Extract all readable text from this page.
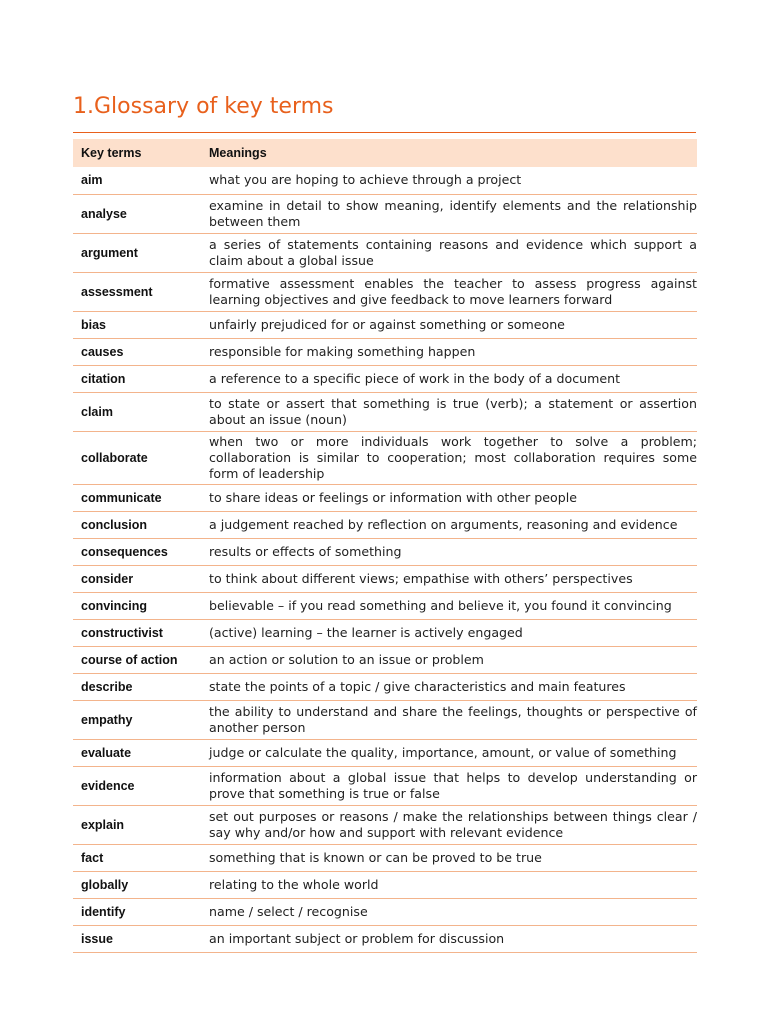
1.Glossary of key terms
Key terms	Meanings
aim	what you are hoping to achieve through a project
analyse	examine in detail to show meaning, identify elements and the relationship between them
argument	a series of statements containing reasons and evidence which support a claim about a global issue
assessment	formative assessment enables the teacher to assess progress against learning objectives and give feedback to move learners forward
bias	unfairly prejudiced for or against something or someone
causes	responsible for making something happen
citation	a reference to a specific piece of work in the body of a document
claim	to state or assert that something is true (verb); a statement or assertion about an issue (noun)
collaborate	when two or more individuals work together to solve a problem; collaboration is similar to cooperation; most collaboration requires some form of leadership
communicate	to share ideas or feelings or information with other people
conclusion	a judgement reached by reflection on arguments, reasoning and evidence
consequences	results or effects of something
consider	to think about different views; empathise with others’ perspectives
convincing	believable – if you read something and believe it, you found it convincing
constructivist	(active) learning – the learner is actively engaged
course of action	an action or solution to an issue or problem
describe	state the points of a topic / give characteristics and main features
empathy	the ability to understand and share the feelings, thoughts or perspective of another person
evaluate	judge or calculate the quality, importance, amount, or value of something
evidence	information about a global issue that helps to develop understanding or prove that something is true or false
explain	set out purposes or reasons / make the relationships between things clear / say why and/or how and support with relevant evidence
fact	something that is known or can be proved to be true
globally	relating to the whole world
identify	name / select / recognise
issue	an important subject or problem for discussion
